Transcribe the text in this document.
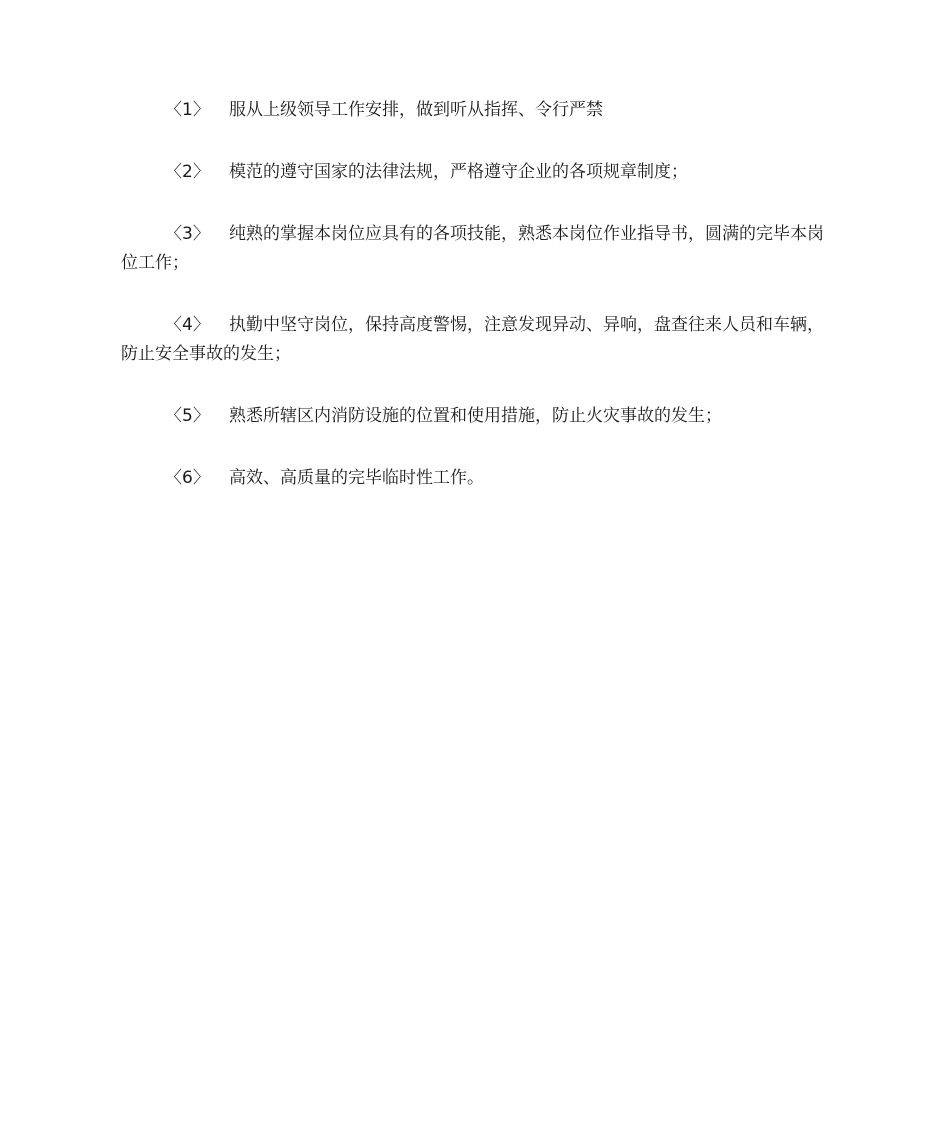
〈1〉 服从上级领导工作安排，做到听从指挥、令行严禁

〈2〉 模范的遵守国家的法律法规，严格遵守企业的各项规章制度；

〈3〉 纯熟的掌握本岗位应具有的各项技能，熟悉本岗位作业指导书，圆满的完毕本岗位工作；

〈4〉 执勤中坚守岗位，保持高度警惕，注意发现异动、异响，盘查往来人员和车辆，防止安全事故的发生；

〈5〉 熟悉所辖区内消防设施的位置和使用措施，防止火灾事故的发生；

〈6〉 高效、高质量的完毕临时性工作。
